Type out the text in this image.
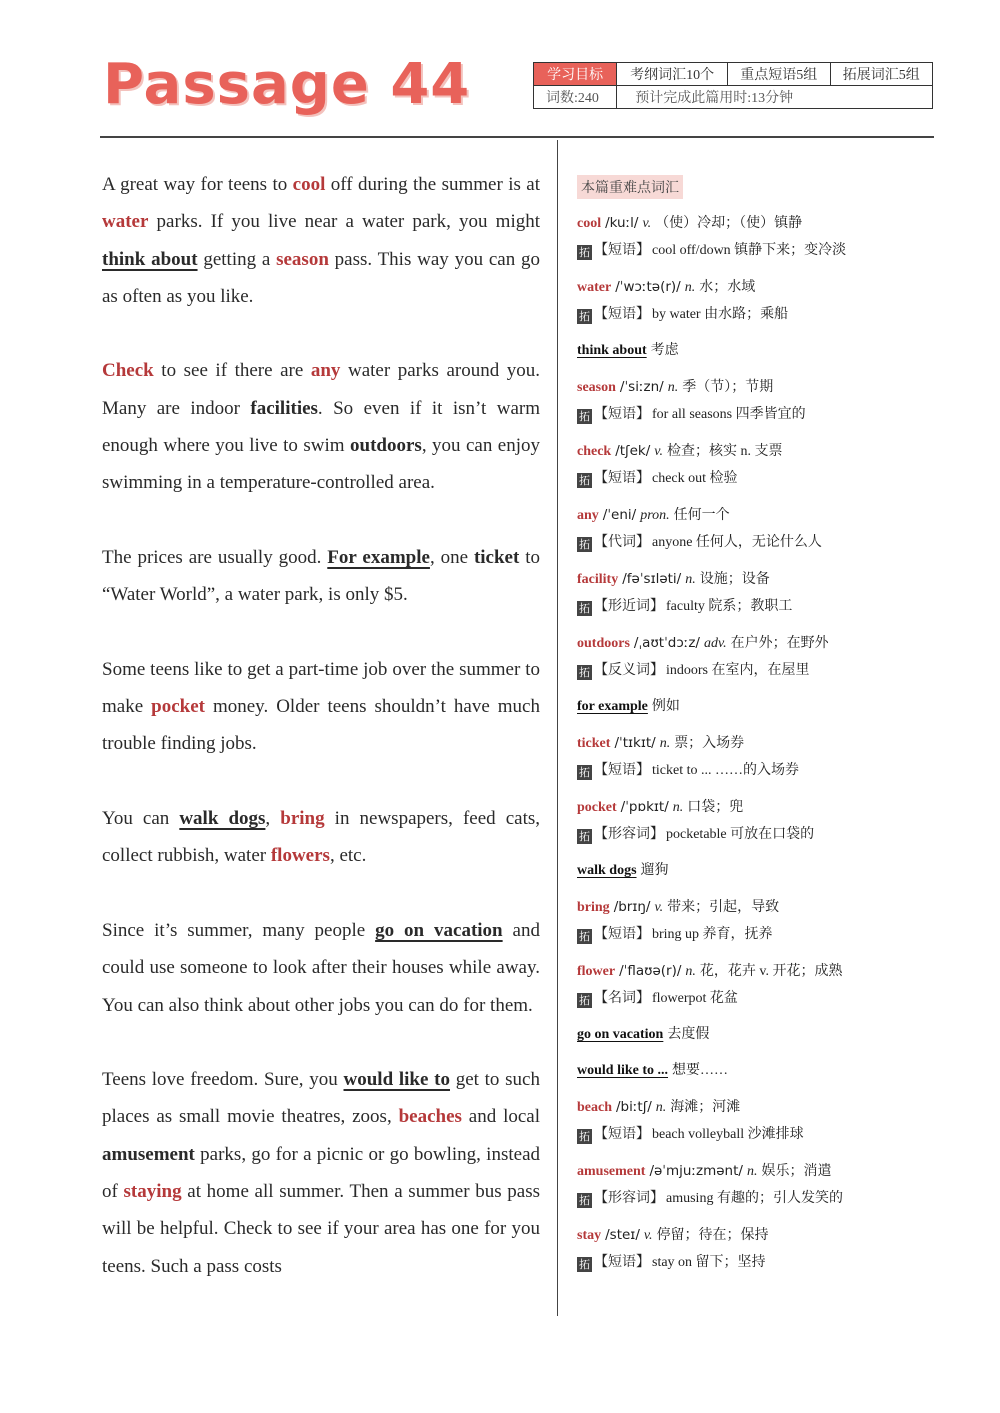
Passage 44	学习目标	考纲词汇10个	重点短语5组	拓展词汇5组
词数:240	预计完成此篇用时:13分钟		

A great way for teens to cool off during the summer is at water parks. If you live near a water park, you might think about getting a season pass. This way you can go as often as you like.

Check to see if there are any water parks around you. Many are indoor facilities. So even if it isn’t warm enough where you live to swim outdoors, you can enjoy swimming in a temperature-controlled area.

The prices are usually good. For example, one ticket to “Water World”, a water park, is only $5.

Some teens like to get a part-time job over the summer to make pocket money. Older teens shouldn’t have much trouble finding jobs.

You can walk dogs, bring in newspapers, feed cats, collect rubbish, water flowers, etc.

Since it’s summer, many people go on vacation and could use someone to look after their houses while away. You can also think about other jobs you can do for them.

Teens love freedom. Sure, you would like to get to such places as small movie theatres, zoos, beaches and local amusement parks, go for a picnic or go bowling, instead of staying at home all summer. Then a summer bus pass will be helpful. Check to see if your area has one for you teens. Such a pass costs

本篇重难点词汇
cool /kuːl/ v. （使）冷却；（使）镇静
拓 【短语】 cool off/down 镇静下来；变冷淡
water /ˈwɔːtə(r)/ n. 水；水域
拓 【短语】 by water 由水路；乘船
think about 考虑
season /ˈsiːzn/ n. 季（节）；节期
拓 【短语】 for all seasons 四季皆宜的
check /tʃek/ v. 检查；核实 n. 支票
拓 【短语】 check out 检验
any /ˈeni/ pron. 任何一个
拓 【代词】 anyone 任何人，无论什么人
facility /fəˈsɪləti/ n. 设施；设备
拓 【形近词】 faculty 院系；教职工
outdoors /ˌaʊtˈdɔːz/ adv. 在户外；在野外
拓 【反义词】 indoors 在室内，在屋里
for example 例如
ticket /ˈtɪkɪt/ n. 票；入场券
拓 【短语】 ticket to ... ……的入场券
pocket /ˈpɒkɪt/ n. 口袋；兜
拓 【形容词】 pocketable 可放在口袋的
walk dogs 遛狗
bring /brɪŋ/ v. 带来；引起，导致
拓 【短语】 bring up 养育，抚养
flower /ˈflaʊə(r)/ n. 花，花卉 v. 开花；成熟
拓 【名词】 flowerpot 花盆
go on vacation 去度假
would like to ... 想要……
beach /biːtʃ/ n. 海滩；河滩
拓 【短语】 beach volleyball 沙滩排球
amusement /əˈmjuːzmənt/ n. 娱乐；消遣
拓 【形容词】 amusing 有趣的；引人发笑的
stay /steɪ/ v. 停留；待在；保持
拓 【短语】 stay on 留下；坚持
